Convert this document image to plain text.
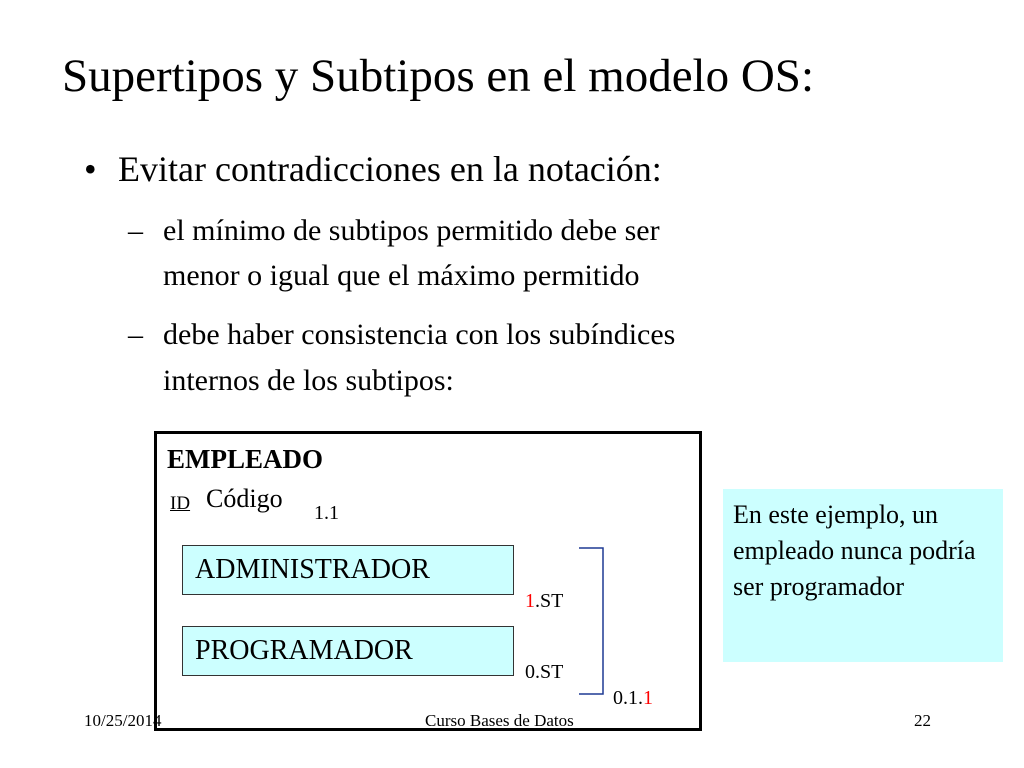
Supertipos y Subtipos en el modelo OS:
• Evitar contradicciones en la notación:
– el mínimo de subtipos permitido debe ser
menor o igual que el máximo permitido
– debe haber consistencia con los subíndices
internos de los subtipos:
EMPLEADO
ID Código 1.1
ADMINISTRADOR
PROGRAMADOR
1.ST
0.ST
0.1.1
En este ejemplo, un empleado nunca podría ser programador
10/25/2014	Curso Bases de Datos	22
